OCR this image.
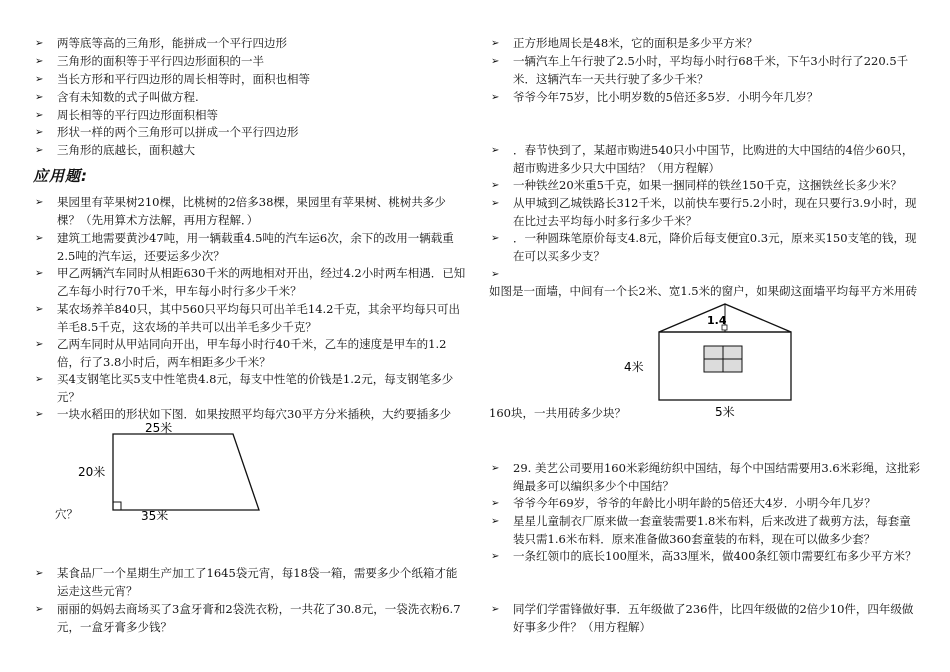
➢ 两等底等高的三角形，能拼成一个平行四边形
➢ 三角形的面积等于平行四边形面积的一半
➢ 当长方形和平行四边形的周长相等时，面积也相等
➢ 含有未知数的式子叫做方程.
➢ 周长相等的平行四边形面积相等
➢ 形状一样的两个三角形可以拼成一个平行四边形
➢ 三角形的底越长，面积越大
应用题:
➢ 果园里有苹果树210棵，比桃树的2倍多38棵，果园里有苹果树、桃树共多少棵？（先用算术方法解，再用方程解．）
➢ 建筑工地需要黄沙47吨，用一辆载重4.5吨的汽车运6次，余下的改用一辆载重2.5吨的汽车运，还要运多少次？
➢ 甲乙两辆汽车同时从相距630千米的两地相对开出，经过4.2小时两车相遇．已知乙车每小时行70千米，甲车每小时行多少千米？
➢ 某农场养羊840只，其中560只平均每只可出羊毛14.2千克，其余平均每只可出羊毛8.5千克，这农场的羊共可以出羊毛多少千克？
➢ 乙两车同时从甲站同向开出，甲车每小时行40千米，乙车的速度是甲车的1.2倍，行了3.8小时后，两车相距多少千米？
➢ 买4支钢笔比买5支中性笔贵4.8元，每支中性笔的价钱是1.2元，每支钢笔多少元？
➢ 一块水稻田的形状如下图．如果按照平均每穴30平方分米插秧，大约要插多少
25米
20米
35米
穴？
➢ 某食品厂一个星期生产加工了1645袋元宵，每18袋一箱，需要多少个纸箱才能运走这些元宵？
➢ 丽丽的妈妈去商场买了3盒牙膏和2袋洗衣粉，一共花了30.8元，一袋洗衣粉6.7元，一盒牙膏多少钱？
➢ 正方形地周长是48米，它的面积是多少平方米？
➢ 一辆汽车上午行驶了2.5小时，平均每小时行68千米，下午3小时行了220.5千米．这辆汽车一天共行驶了多少千米？
➢ 爷爷今年75岁，比小明岁数的5倍还多5岁．小明今年几岁？
➢ ．春节快到了，某超市购进540只小中国节，比购进的大中国结的4倍少60只，超市购进多少只大中国结？（用方程解）
➢ 一种铁丝20米重5千克，如果一捆同样的铁丝150千克，这捆铁丝长多少米？
➢ 从甲城到乙城铁路长312千米，以前快车要行5.2小时，现在只要行3.9小时，现在比过去平均每小时多行多少千米？
➢ ．一种圆珠笔原价每支4.8元，降价后每支便宜0.3元，原来买150支笔的钱，现在可以买多少支？
➢
如图是一面墙，中间有一个长2米、宽1.5米的窗户，如果砌这面墙平均每平方米用砖
1.4
4米
5米
160块，一共用砖多少块？
➢ 29. 美艺公司要用160米彩绳纺织中国结，每个中国结需要用3.6米彩绳，这批彩绳最多可以编织多少个中国结？
➢ 爷爷今年69岁，爷爷的年龄比小明年龄的5倍还大4岁．小明今年几岁？
➢ 星星儿童制衣厂原来做一套童装需要1.8米布料，后来改进了裁剪方法，每套童装只需1.6米布料．原来准备做360套童装的布料，现在可以做多少套？
➢ 一条红领巾的底长100厘米，高33厘米，做400条红领巾需要红布多少平方米？
➢ 同学们学雷锋做好事．五年级做了236件，比四年级做的2倍少10件，四年级做好事多少件？（用方程解）
